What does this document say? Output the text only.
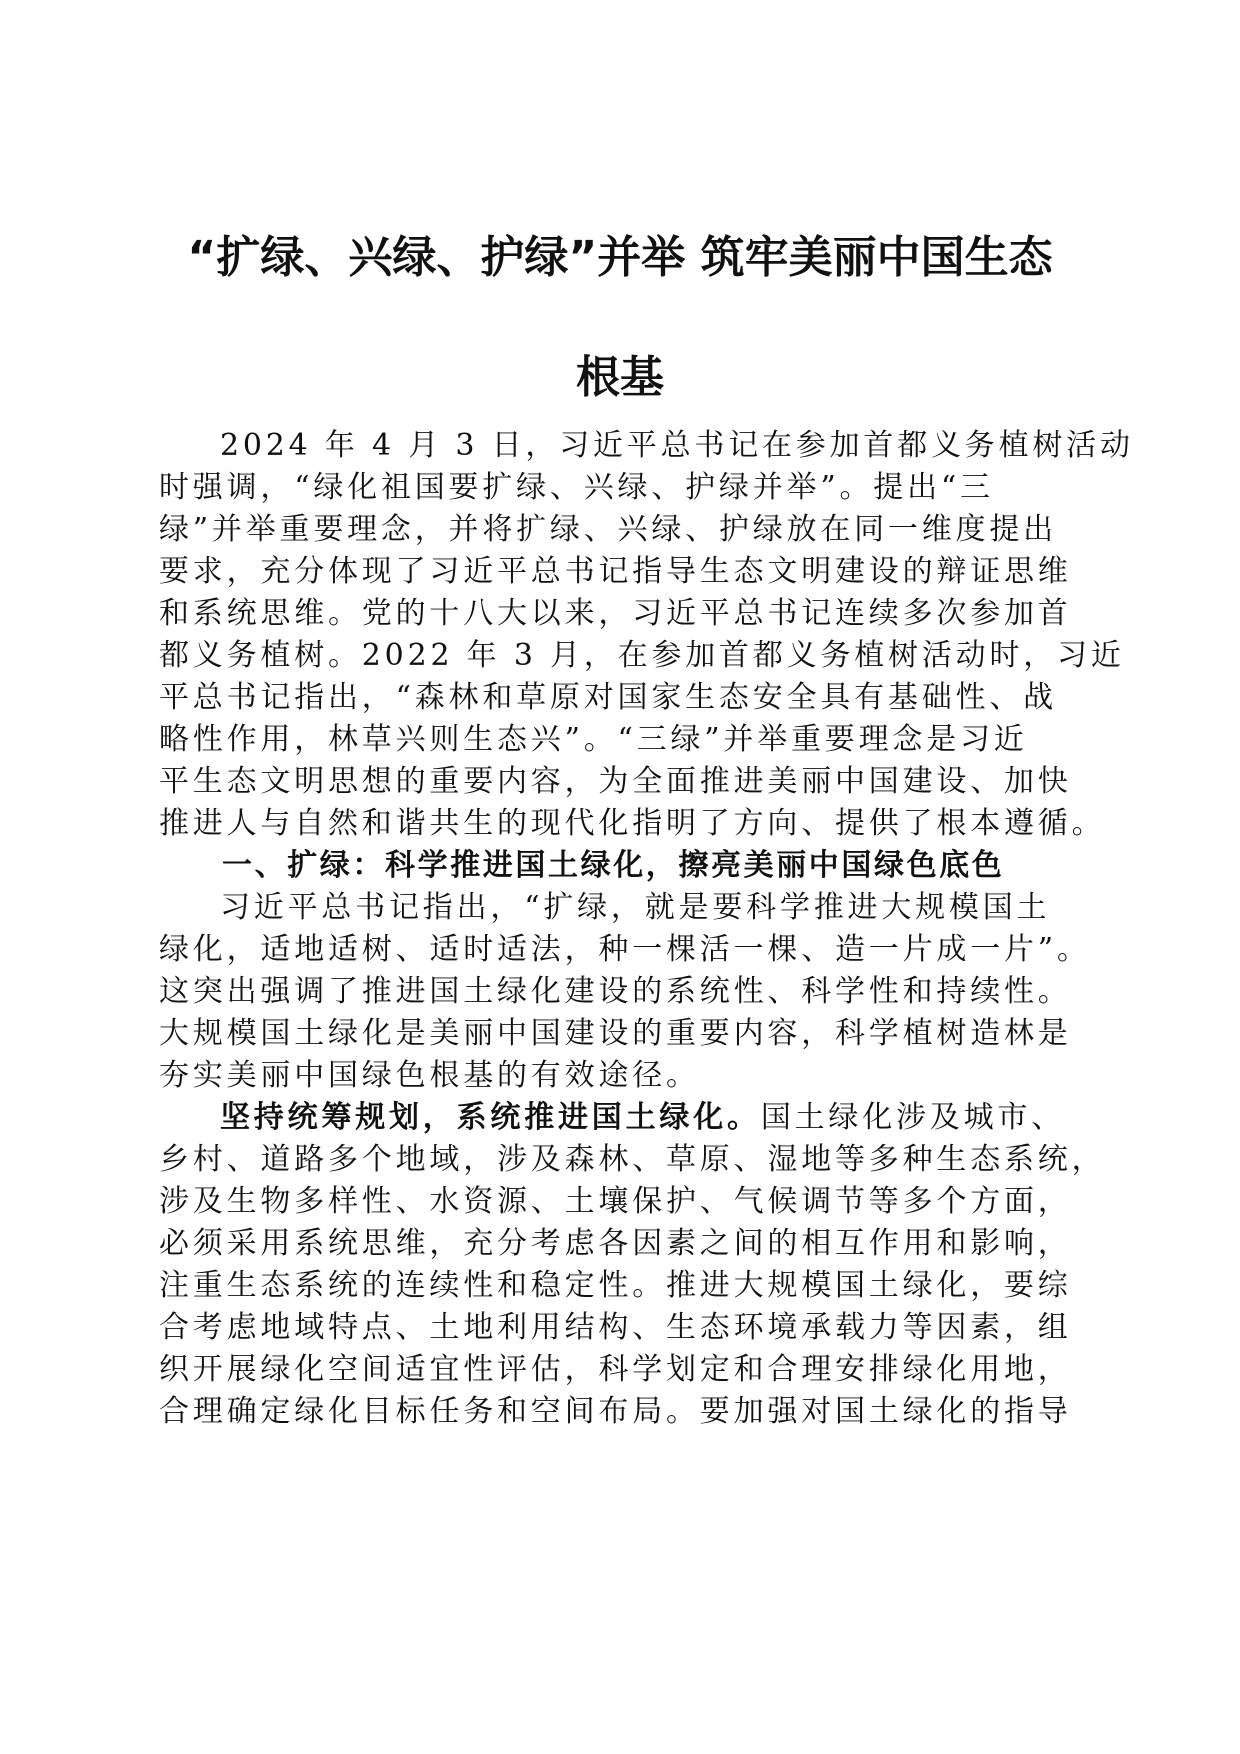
“扩绿、兴绿、护绿”并举 筑牢美丽中国生态
根基
2024 年 4 月 3 日，习近平总书记在参加首都义务植树活动
时强调，“绿化祖国要扩绿、兴绿、护绿并举”。提出“三
绿”并举重要理念，并将扩绿、兴绿、护绿放在同一维度提出
要求，充分体现了习近平总书记指导生态文明建设的辩证思维
和系统思维。党的十八大以来，习近平总书记连续多次参加首
都义务植树。2022 年 3 月，在参加首都义务植树活动时，习近
平总书记指出，“森林和草原对国家生态安全具有基础性、战
略性作用，林草兴则生态兴”。“三绿”并举重要理念是习近
平生态文明思想的重要内容，为全面推进美丽中国建设、加快
推进人与自然和谐共生的现代化指明了方向、提供了根本遵循。
一、扩绿：科学推进国土绿化，擦亮美丽中国绿色底色
习近平总书记指出，“扩绿，就是要科学推进大规模国土
绿化，适地适树、适时适法，种一棵活一棵、造一片成一片”。
这突出强调了推进国土绿化建设的系统性、科学性和持续性。
大规模国土绿化是美丽中国建设的重要内容，科学植树造林是
夯实美丽中国绿色根基的有效途径。
坚持统筹规划，系统推进国土绿化。国土绿化涉及城市、
乡村、道路多个地域，涉及森林、草原、湿地等多种生态系统，
涉及生物多样性、水资源、土壤保护、气候调节等多个方面，
必须采用系统思维，充分考虑各因素之间的相互作用和影响，
注重生态系统的连续性和稳定性。推进大规模国土绿化，要综
合考虑地域特点、土地利用结构、生态环境承载力等因素，组
织开展绿化空间适宜性评估，科学划定和合理安排绿化用地，
合理确定绿化目标任务和空间布局。要加强对国土绿化的指导
